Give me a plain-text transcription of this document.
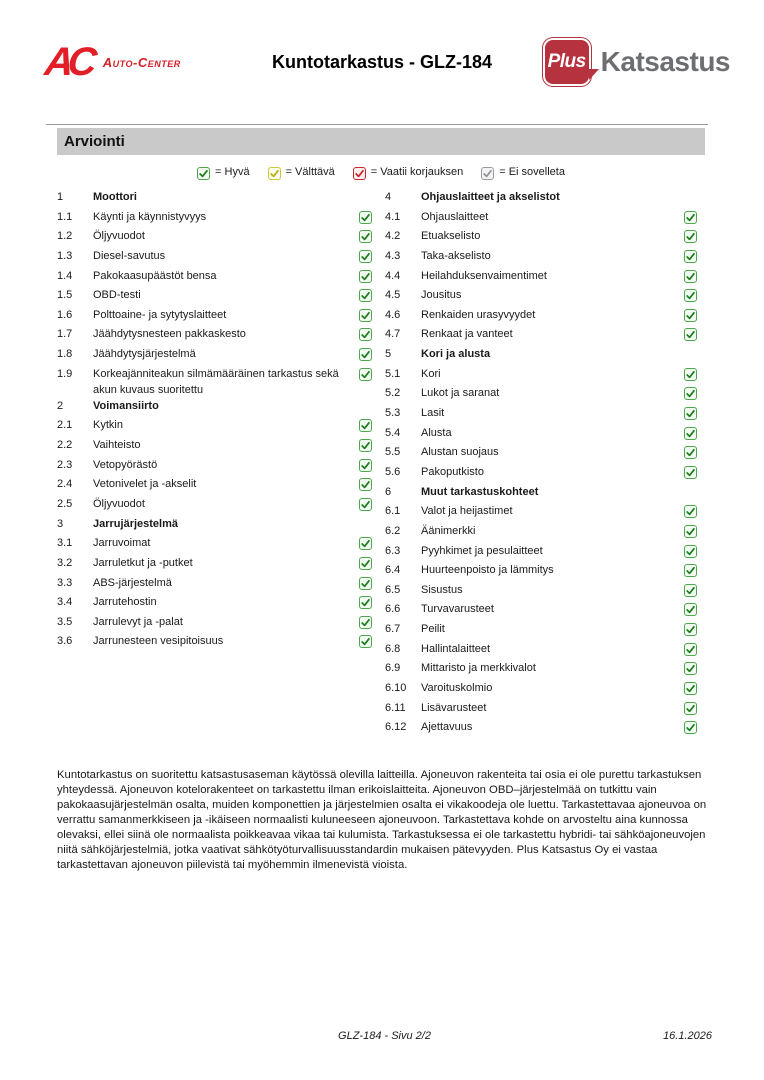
AC Auto-Center	Kuntotarkastus - GLZ-184	Plus Katsastus
Arviointi
= Hyvä	= Välttävä	= Vaatii korjauksen	= Ei sovelleta
1	Moottori
1.1	Käynti ja käynnistyvyys
1.2	Öljyvuodot
1.3	Diesel-savutus
1.4	Pakokaasupäästöt bensa
1.5	OBD-testi
1.6	Polttoaine- ja sytytyslaitteet
1.7	Jäähdytysnesteen pakkaskesto
1.8	Jäähdytysjärjestelmä
1.9	Korkeajänniteakun silmämääräinen tarkastus sekä akun kuvaus suoritettu
2	Voimansiirto
2.1	Kytkin
2.2	Vaihteisto
2.3	Vetopyörästö
2.4	Vetonivelet ja -akselit
2.5	Öljyvuodot
3	Jarrujärjestelmä
3.1	Jarruvoimat
3.2	Jarruletkut ja -putket
3.3	ABS-järjestelmä
3.4	Jarrutehostin
3.5	Jarrulevyt ja -palat
3.6	Jarrunesteen vesipitoisuus
4	Ohjauslaitteet ja akselistot
4.1	Ohjauslaitteet
4.2	Etuakselisto
4.3	Taka-akselisto
4.4	Heilahduksenvaimentimet
4.5	Jousitus
4.6	Renkaiden urasyvyydet
4.7	Renkaat ja vanteet
5	Kori ja alusta
5.1	Kori
5.2	Lukot ja saranat
5.3	Lasit
5.4	Alusta
5.5	Alustan suojaus
5.6	Pakoputkisto
6	Muut tarkastuskohteet
6.1	Valot ja heijastimet
6.2	Äänimerkki
6.3	Pyyhkimet ja pesulaitteet
6.4	Huurteenpoisto ja lämmitys
6.5	Sisustus
6.6	Turvavarusteet
6.7	Peilit
6.8	Hallintalaitteet
6.9	Mittaristo ja merkkivalot
6.10	Varoituskolmio
6.11	Lisävarusteet
6.12	Ajettavuus
Kuntotarkastus on suoritettu katsastusaseman käytössä olevilla laitteilla. Ajoneuvon rakenteita tai osia ei ole purettu tarkastuksen yhteydessä. Ajoneuvon kotelorakenteet on tarkastettu ilman erikoislaitteita. Ajoneuvon OBD–järjestelmää on tutkittu vain pakokaasujärjestelmän osalta, muiden komponettien ja järjestelmien osalta ei vikakoodeja ole luettu. Tarkastettavaa ajoneuvoa on verrattu samanmerkkiseen ja -ikäiseen normaalisti kuluneeseen ajoneuvoon. Tarkastettava kohde on arvosteltu aina kunnossa olevaksi, ellei siinä ole normaalista poikkeavaa vikaa tai kulumista. Tarkastuksessa ei ole tarkastettu hybridi- tai sähköajoneuvojen niitä sähköjärjestelmiä, jotka vaativat sähkötyöturvallisuusstandardin mukaisen pätevyyden. Plus Katsastus Oy ei vastaa tarkastettavan ajoneuvon piilevistä tai myöhemmin ilmenevistä vioista.
GLZ-184 - Sivu 2/2	16.1.2026
